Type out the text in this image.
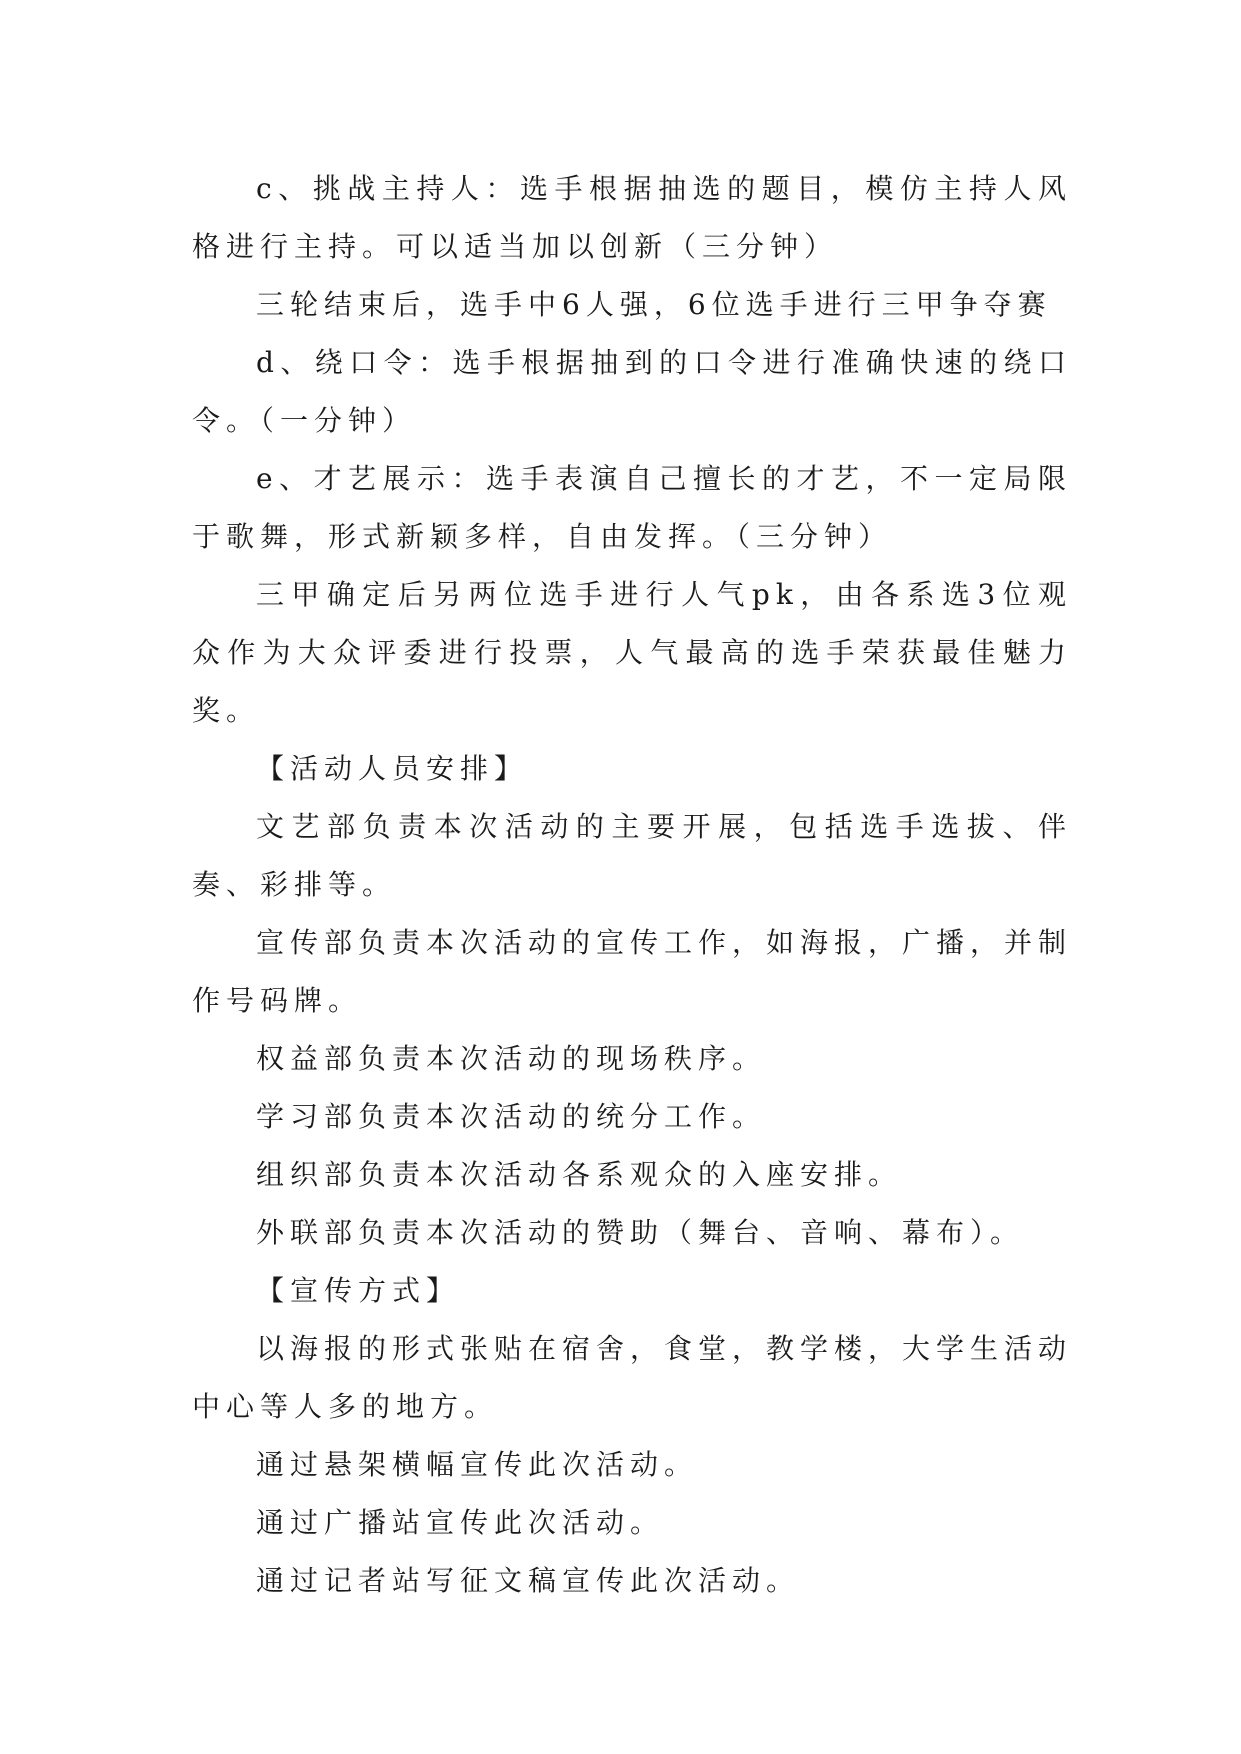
c、挑战主持人：选手根据抽选的题目，模仿主持人风格进行主持。可以适当加以创新（三分钟）

三轮结束后，选手中6人强，6位选手进行三甲争夺赛

d、绕口令：选手根据抽到的口令进行准确快速的绕口令。（一分钟）

e、才艺展示：选手表演自己擅长的才艺，不一定局限于歌舞，形式新颖多样，自由发挥。（三分钟）

三甲确定后另两位选手进行人气pk，由各系选3位观众作为大众评委进行投票，人气最高的选手荣获最佳魅力奖。

【活动人员安排】

文艺部负责本次活动的主要开展，包括选手选拔、伴奏、彩排等。

宣传部负责本次活动的宣传工作，如海报，广播，并制作号码牌。

权益部负责本次活动的现场秩序。

学习部负责本次活动的统分工作。

组织部负责本次活动各系观众的入座安排。

外联部负责本次活动的赞助（舞台、音响、幕布）。

【宣传方式】

以海报的形式张贴在宿舍，食堂，教学楼，大学生活动中心等人多的地方。

通过悬架横幅宣传此次活动。

通过广播站宣传此次活动。

通过记者站写征文稿宣传此次活动。
